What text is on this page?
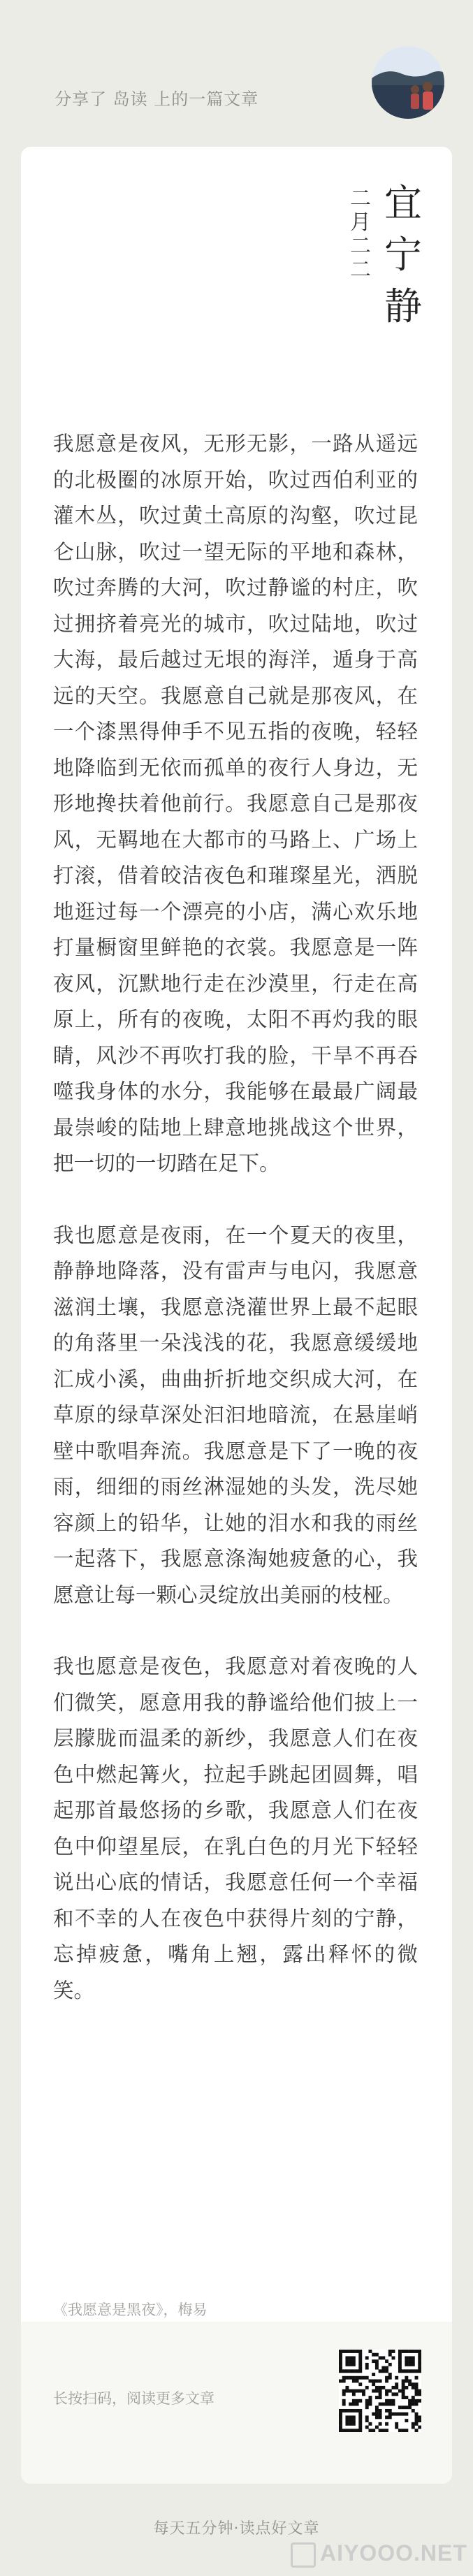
分享了 岛读 上的一篇文章
二
月
二
二
宜
宁
静

我愿意是夜风，无形无影，一路从遥远的北极圈的冰原开始，吹过西伯利亚的灌木丛，吹过黄土高原的沟壑，吹过昆仑山脉，吹过一望无际的平地和森林，吹过奔腾的大河，吹过静谧的村庄，吹过拥挤着亮光的城市，吹过陆地，吹过大海，最后越过无垠的海洋，遁身于高远的天空。我愿意自己就是那夜风，在一个漆黑得伸手不见五指的夜晚，轻轻地降临到无依而孤单的夜行人身边，无形地搀扶着他前行。我愿意自己是那夜风，无羁地在大都市的马路上、广场上打滚，借着皎洁夜色和璀璨星光，洒脱地逛过每一个漂亮的小店，满心欢乐地打量橱窗里鲜艳的衣裳。我愿意是一阵夜风，沉默地行走在沙漠里，行走在高原上，所有的夜晚，太阳不再灼我的眼睛，风沙不再吹打我的脸，干旱不再吞噬我身体的水分，我能够在最最广阔最最崇峻的陆地上肆意地挑战这个世界，把一切的一切踏在足下。

我也愿意是夜雨，在一个夏天的夜里，静静地降落，没有雷声与电闪，我愿意滋润土壤，我愿意浇灌世界上最不起眼的角落里一朵浅浅的花，我愿意缓缓地汇成小溪，曲曲折折地交织成大河，在草原的绿草深处汩汩地暗流，在悬崖峭壁中歌唱奔流。我愿意是下了一晚的夜雨，细细的雨丝淋湿她的头发，洗尽她容颜上的铅华，让她的泪水和我的雨丝一起落下，我愿意涤淘她疲惫的心，我愿意让每一颗心灵绽放出美丽的枝桠。

我也愿意是夜色，我愿意对着夜晚的人们微笑，愿意用我的静谧给他们披上一层朦胧而温柔的新纱，我愿意人们在夜色中燃起篝火，拉起手跳起团圆舞，唱起那首最悠扬的乡歌，我愿意人们在夜色中仰望星辰，在乳白色的月光下轻轻说出心底的情话，我愿意任何一个幸福和不幸的人在夜色中获得片刻的宁静，忘掉疲惫，嘴角上翘，露出释怀的微笑。

《我愿意是黑夜》，梅易
长按扫码，阅读更多文章
每天五分钟·读点好文章
AIYOOO.NET
